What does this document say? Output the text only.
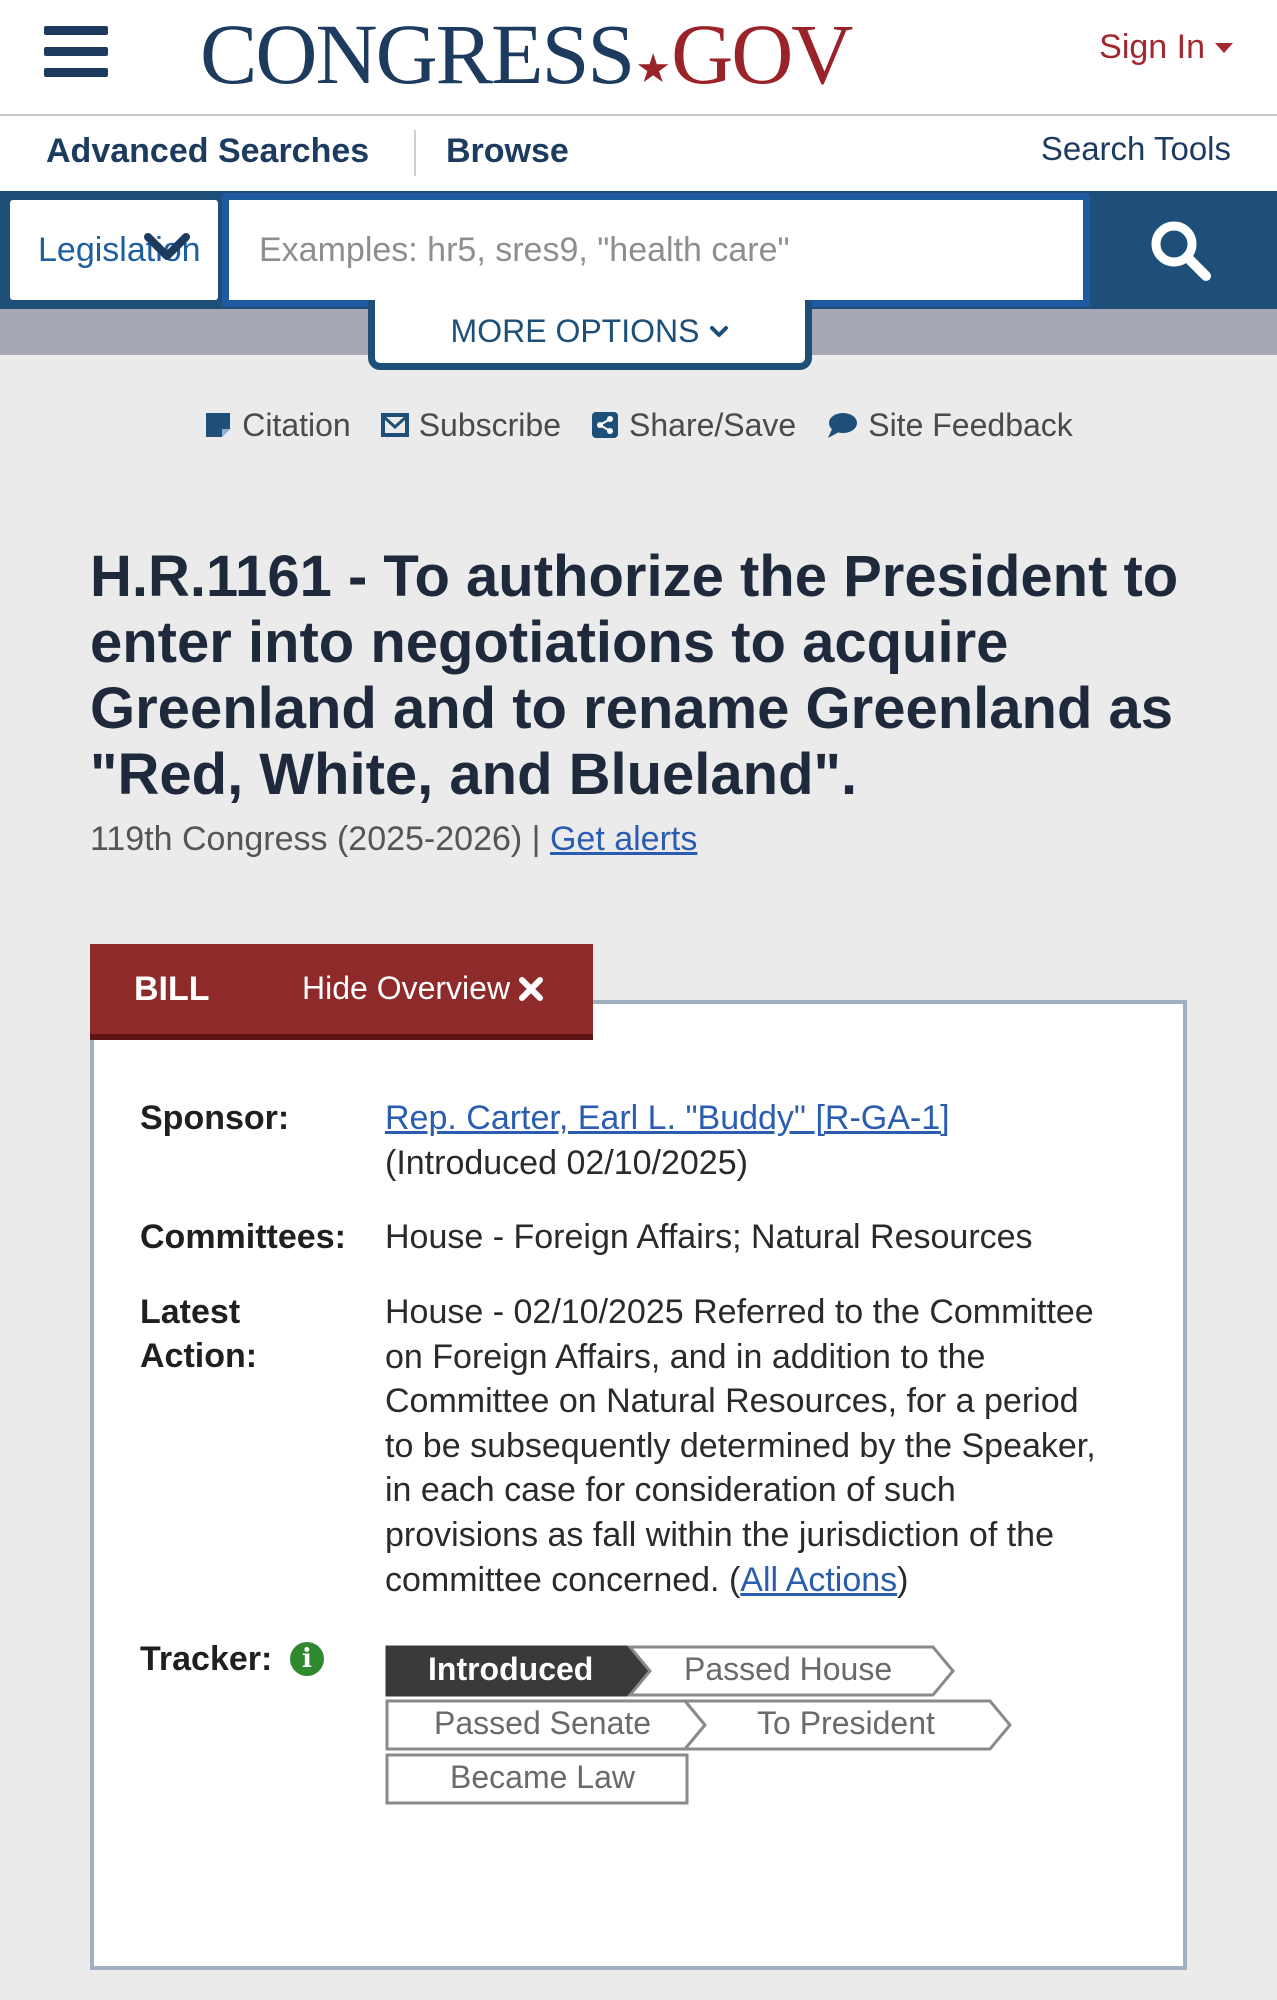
CONGRESS ★ GOV	Sign In
Advanced Searches Browse	Search Tools
Legislation
Examples: hr5, sres9, "health care"
MORE OPTIONS
Citation Subscribe Share/Save Site Feedback
H.R.1161 - To authorize the President to enter into negotiations to acquire Greenland and to rename Greenland as "Red, White, and Blueland".
119th Congress (2025-2026) | Get alerts
BILL	Hide Overview
Sponsor:	Rep. Carter, Earl L. "Buddy" [R-GA-1]
(Introduced 02/10/2025)
Committees: House - Foreign Affairs; Natural Resources
Latest
Action:
House - 02/10/2025 Referred to the Committee on Foreign Affairs, and in addition to the Committee on Natural Resources, for a period to be subsequently determined by the Speaker, in each case for consideration of such provisions as fall within the jurisdiction of the committee concerned. (All Actions)
Tracker:	i	Introduced	Passed House
Passed Senate	To President
Became Law
